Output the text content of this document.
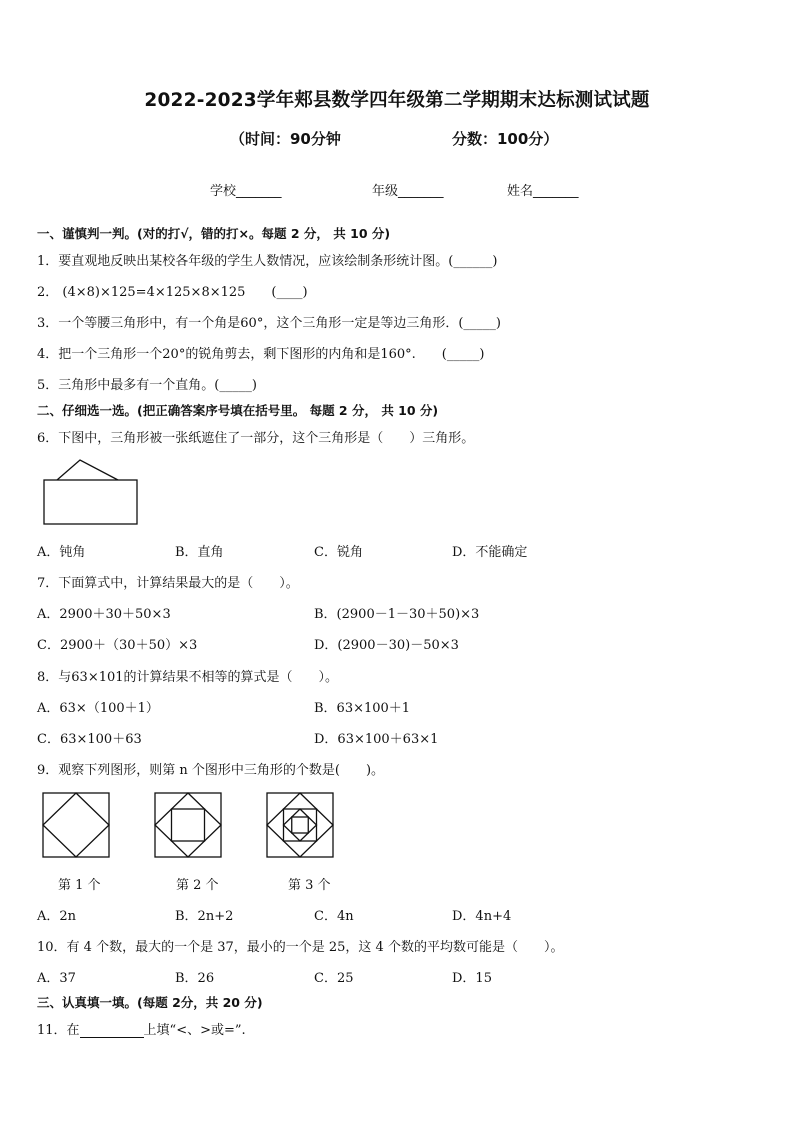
2022-2023学年郏县数学四年级第二学期期末达标测试试题
（时间：90分钟	分数：100分）
学校_______	年级_______	姓名_______
一、谨慎判一判。(对的打√，错的打×。每题 2 分， 共 10 分)
1．要直观地反映出某校各年级的学生人数情况，应该绘制条形统计图。(______)
2． (4×8)×125=4×125×8×125　　(____)
3．一个等腰三角形中，有一个角是60°，这个三角形一定是等边三角形．(_____)
4．把一个三角形一个20°的锐角剪去，剩下图形的内角和是160°.　　(_____)
5．三角形中最多有一个直角。(_____)
二、仔细选一选。(把正确答案序号填在括号里。 每题 2 分， 共 10 分)
6．下图中，三角形被一张纸遮住了一部分，这个三角形是（　　）三角形。
A．钝角	B．直角	C．锐角	D．不能确定
7．下面算式中，计算结果最大的是（　　）。
A．2900＋30＋50×3	B．(2900－1－30＋50)×3
C．2900＋（30＋50）×3	D．(2900－30)－50×3
8．与63×101的计算结果不相等的算式是（　　）。
A．63×（100＋1）	B．63×100＋1
C．63×100＋63	D．63×100＋63×1
9．观察下列图形，则第 n 个图形中三角形的个数是(　　)。
第 1 个	第 2 个	第 3 个
A．2n	B．2n+2	C．4n	D．4n+4
10．有 4 个数，最大的一个是 37，最小的一个是 25，这 4 个数的平均数可能是（　　）。
A．37	B．26	C．25	D．15
三、认真填一填。(每题 2分，共 20 分)
11．在	上填“<、>或=”.
